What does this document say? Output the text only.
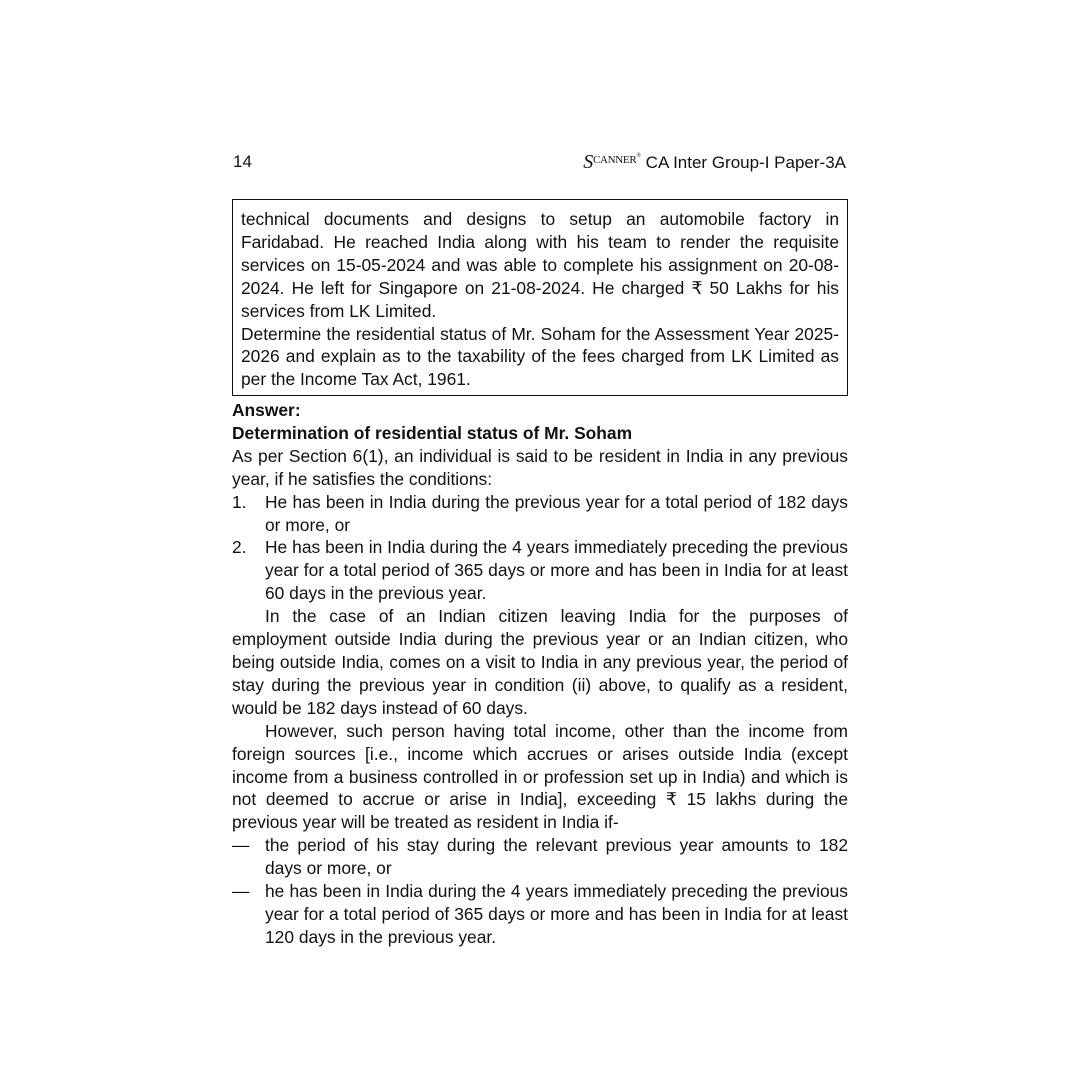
14	S CANNER ® CA Inter Group-I Paper-3A

technical documents and designs to setup an automobile factory in Faridabad. He reached India along with his team to render the requisite services on 15-05-2024 and was able to complete his assignment on 20-08-2024. He left for Singapore on 21-08-2024. He charged ₹ 50 Lakhs for his services from LK Limited.

Determine the residential status of Mr. Soham for the Assessment Year 2025-2026 and explain as to the taxability of the fees charged from LK Limited as per the Income Tax Act, 1961.

Answer:

Determination of residential status of Mr. Soham

As per Section 6(1), an individual is said to be resident in India in any previous year, if he satisfies the conditions:

1.	He has been in India during the previous year for a total period of 182 days or more, or
2.	He has been in India during the 4 years immediately preceding the previous year for a total period of 365 days or more and has been in India for at least 60 days in the previous year.

In the case of an Indian citizen leaving India for the purposes of employment outside India during the previous year or an Indian citizen, who being outside India, comes on a visit to India in any previous year, the period of stay during the previous year in condition (ii) above, to qualify as a resident, would be 182 days instead of 60 days.

However, such person having total income, other than the income from foreign sources [i.e., income which accrues or arises outside India (except income from a business controlled in or profession set up in India) and which is not deemed to accrue or arise in India], exceeding ₹ 15 lakhs during the previous year will be treated as resident in India if-

— the period of his stay during the relevant previous year amounts to 182 days or more, or
— he has been in India during the 4 years immediately preceding the previous year for a total period of 365 days or more and has been in India for at least 120 days in the previous year.
